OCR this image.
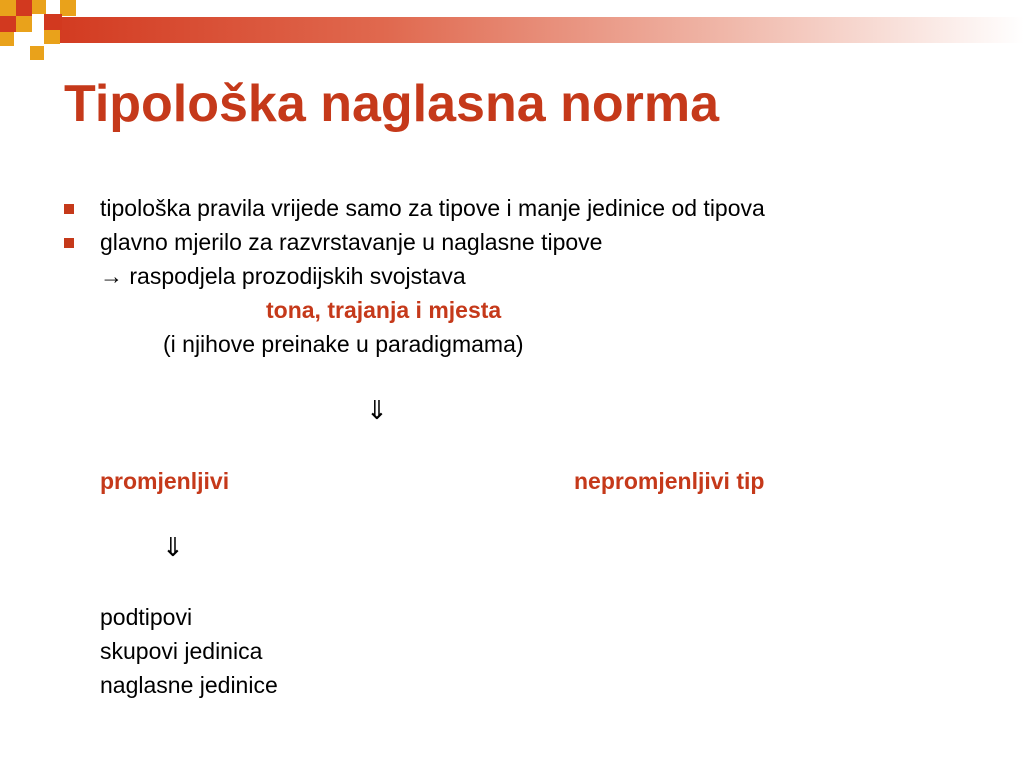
Tipološka naglasna norma
tipološka pravila vrijede samo za tipove i manje jedinice od tipova
glavno mjerilo za razvrstavanje u naglasne tipove
→ raspodjela prozodijskih svojstava
tona, trajanja i mjesta
(i njihove preinake u paradigmama)
⇓
promjenljivi	nepromjenljivi tip
⇓
podtipovi
skupovi jedinica
naglasne jedinice
